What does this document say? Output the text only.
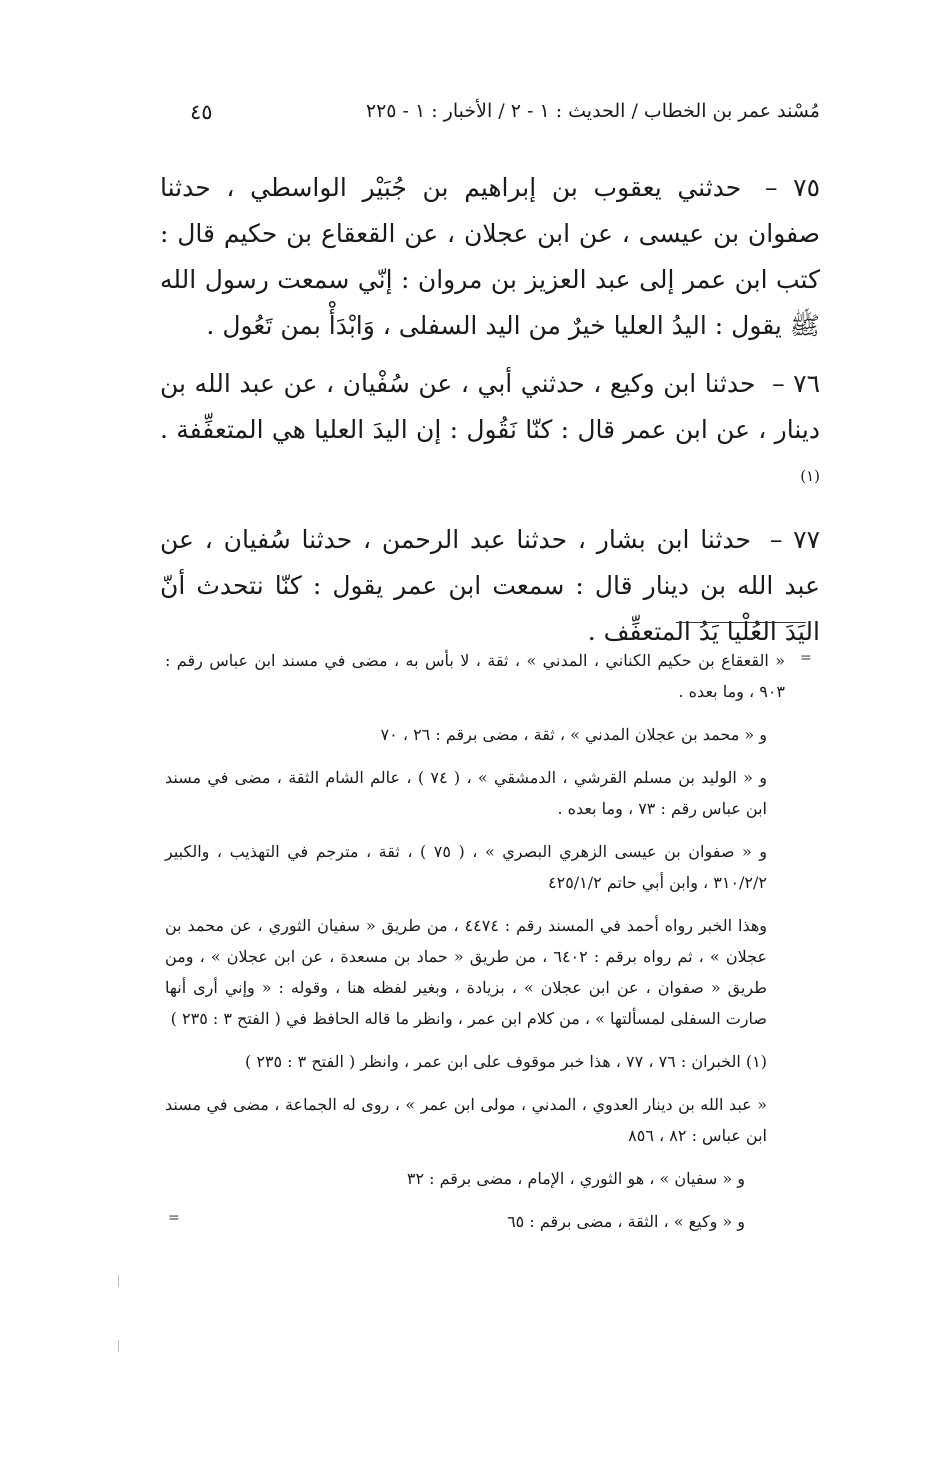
مُسْند عمر بن الخطاب / الحديث : ١ - ٢ / الأخبار : ١ - ٢٢٥
٤٥

٧٥ – حدثني يعقوب بن إبراهيم بن جُبَيْر الواسطي ، حدثنا صفوان بن عيسى ، عن ابن عجلان ، عن القعقاع بن حكيم قال : كتب ابن عمر إلى عبد العزيز بن مروان : إنّي سمعت رسول الله ﷺ يقول : اليدُ العليا خيرٌ من اليد السفلى ، وَابْدَأْ بمن تَعُول .

٧٦ – حدثنا ابن وكيع ، حدثني أبي ، عن سُفْيان ، عن عبد الله بن دينار ، عن ابن عمر قال : كنّا نَقُول : إن اليدَ العليا هي المتعفِّفة . $^{(١)}$

٧٧ – حدثنا ابن بشار ، حدثنا عبد الرحمن ، حدثنا سُفيان ، عن عبد الله بن دينار قال : سمعت ابن عمر يقول : كنّا نتحدث أنّ اليَدَ العُلْيا يَدُ المتعفِّف .

=

« القعقاع بن حكيم الكناني ، المدني » ، ثقة ، لا بأس به ، مضى في مسند ابن عباس رقم : ٩٠٣ ، وما بعده .

و « محمد بن عجلان المدني » ، ثقة ، مضى برقم : ٢٦ ، ٧٠

و « الوليد بن مسلم القرشي ، الدمشقي » ، ( ٧٤ ) ، عالم الشام الثقة ، مضى في مسند ابن عباس رقم : ٧٣ ، وما بعده .

و « صفوان بن عيسى الزهري البصري » ، ( ٧٥ ) ، ثقة ، مترجم في التهذيب ، والكبير ٣١٠/٢/٢ ، وابن أبي حاتم ٤٢٥/١/٢

وهذا الخبر رواه أحمد في المسند رقم : ٤٤٧٤ ، من طريق « سفيان الثوري ، عن محمد بن عجلان » ، ثم رواه برقم : ٦٤٠٢ ، من طريق « حماد بن مسعدة ، عن ابن عجلان » ، ومن طريق « صفوان ، عن ابن عجلان » ، بزيادة ، وبغير لفظه هنا ، وقوله : « وإني أرى أنها صارت السفلى لمسألتها » ، من كلام ابن عمر ، وانظر ما قاله الحافظ في ( الفتح ٣ : ٢٣٥ )

(١) الخبران : ٧٦ ، ٧٧ ، هذا خبر موقوف على ابن عمر ، وانظر ( الفتح ٣ : ٢٣٥ )

« عبد الله بن دينار العدوي ، المدني ، مولى ابن عمر » ، روى له الجماعة ، مضى في مسند ابن عباس : ٨٢ ، ٨٥٦

و « سفيان » ، هو الثوري ، الإمام ، مضى برقم : ٣٢

و « وكيع » ، الثقة ، مضى برقم : ٦٥

=
